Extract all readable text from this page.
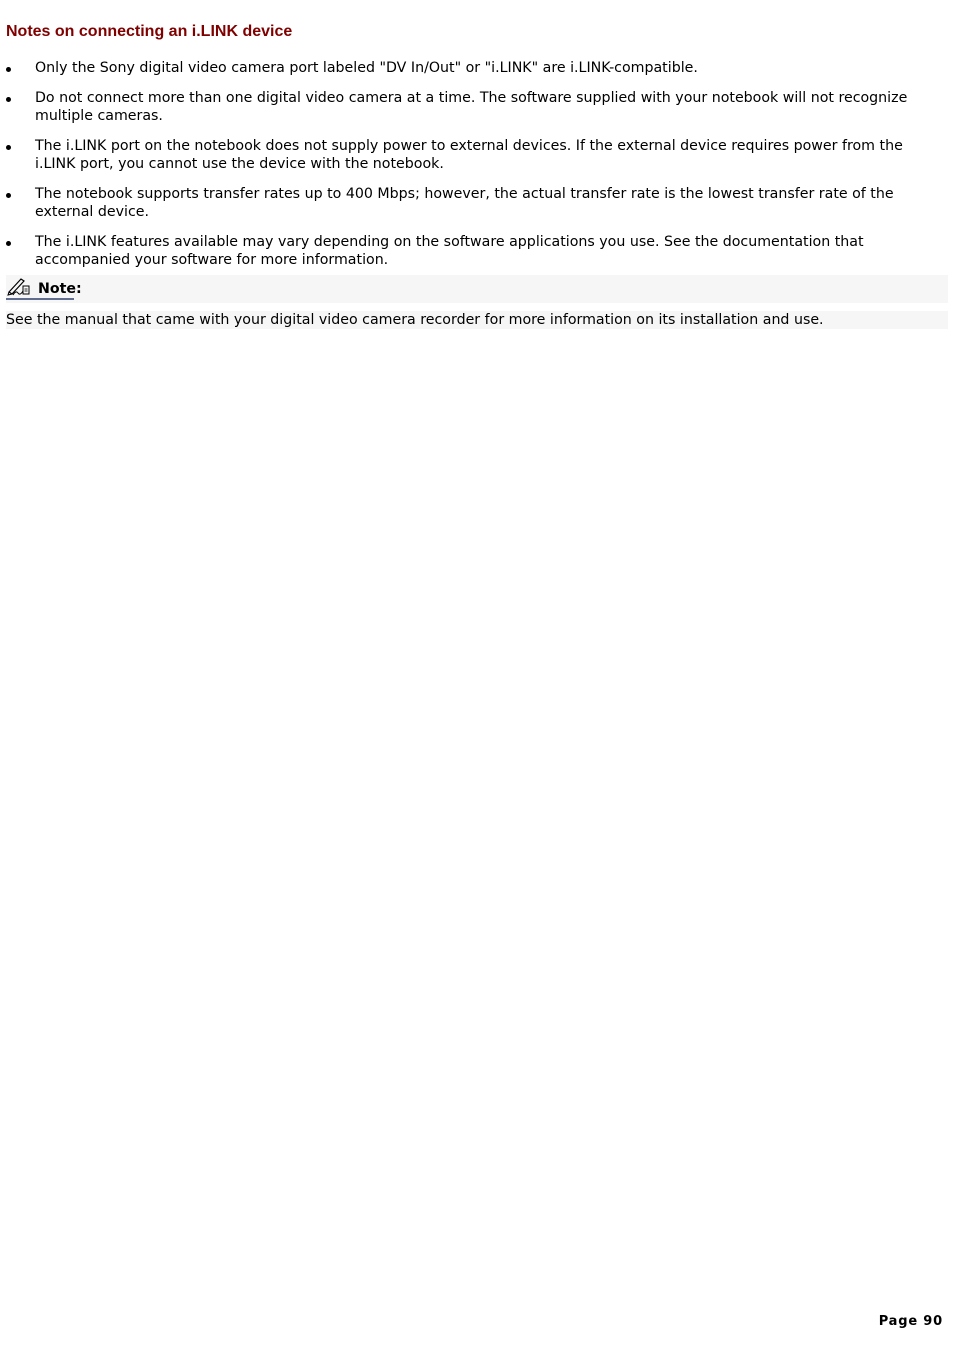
Notes on connecting an i.LINK device
Only the Sony digital video camera port labeled "DV In/Out" or "i.LINK" are i.LINK-compatible.
Do not connect more than one digital video camera at a time. The software supplied with your notebook will not recognize multiple cameras.
The i.LINK port on the notebook does not supply power to external devices. If the external device requires power from the i.LINK port, you cannot use the device with the notebook.
The notebook supports transfer rates up to 400 Mbps; however, the actual transfer rate is the lowest transfer rate of the external device.
The i.LINK features available may vary depending on the software applications you use. See the documentation that accompanied your software for more information.
Note:
See the manual that came with your digital video camera recorder for more information on its installation and use.
Page 90
